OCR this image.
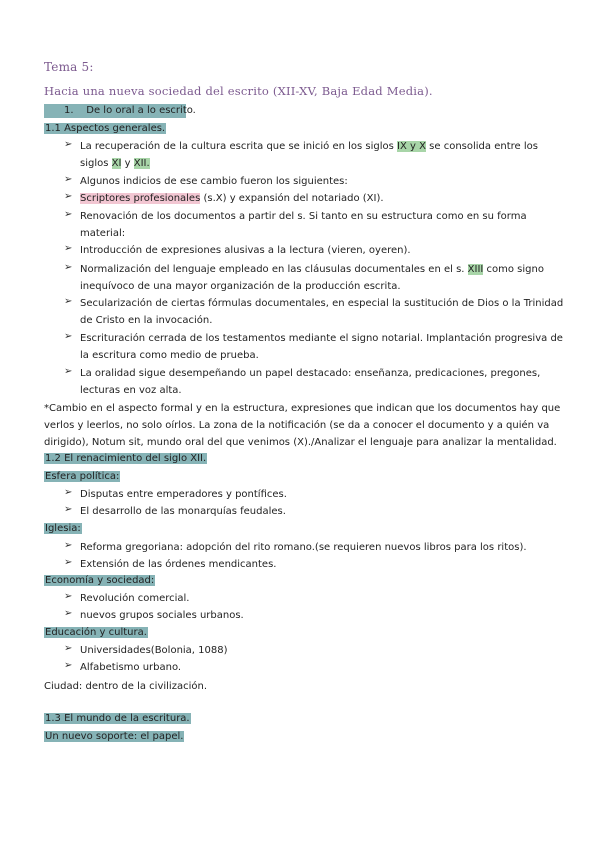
Tema 5:
Hacia una nueva sociedad del escrito (XII-XV, Baja Edad Media).
1. De lo oral a lo escrito.
1.1 Aspectos generales.
➢ La recuperación de la cultura escrita que se inició en los siglos IX y X se consolida entre los
siglos XI y XII.
➢ Algunos indicios de ese cambio fueron los siguientes:
➢ Scriptores profesionales (s.X) y expansión del notariado (XI).
➢ Renovación de los documentos a partir del s. Si tanto en su estructura como en su forma
material:
➢ Introducción de expresiones alusivas a la lectura (vieren, oyeren).
➢ Normalización del lenguaje empleado en las cláusulas documentales en el s. XIII como signo
inequívoco de una mayor organización de la producción escrita.
➢ Secularización de ciertas fórmulas documentales, en especial la sustitución de Dios o la Trinidad
de Cristo en la invocación.
➢ Escrituración cerrada de los testamentos mediante el signo notarial. Implantación progresiva de
la escritura como medio de prueba.
➢ La oralidad sigue desempeñando un papel destacado: enseñanza, predicaciones, pregones,
lecturas en voz alta.
*Cambio en el aspecto formal y en la estructura, expresiones que indican que los documentos hay que
verlos y leerlos, no solo oírlos. La zona de la notificación (se da a conocer el documento y a quién va
dirigido), Notum sit, mundo oral del que venimos (X)./Analizar el lenguaje para analizar la mentalidad.
1.2 El renacimiento del siglo XII.
Esfera política:
➢ Disputas entre emperadores y pontífices.
➢ El desarrollo de las monarquías feudales.
Iglesia:
➢ Reforma gregoriana: adopción del rito romano.(se requieren nuevos libros para los ritos).
➢ Extensión de las órdenes mendicantes.
Economía y sociedad:
➢ Revolución comercial.
➢ nuevos grupos sociales urbanos.
Educación y cultura.
➢ Universidades(Bolonia, 1088)
➢ Alfabetismo urbano.
Ciudad: dentro de la civilización.
1.3 El mundo de la escritura.
Un nuevo soporte: el papel.
